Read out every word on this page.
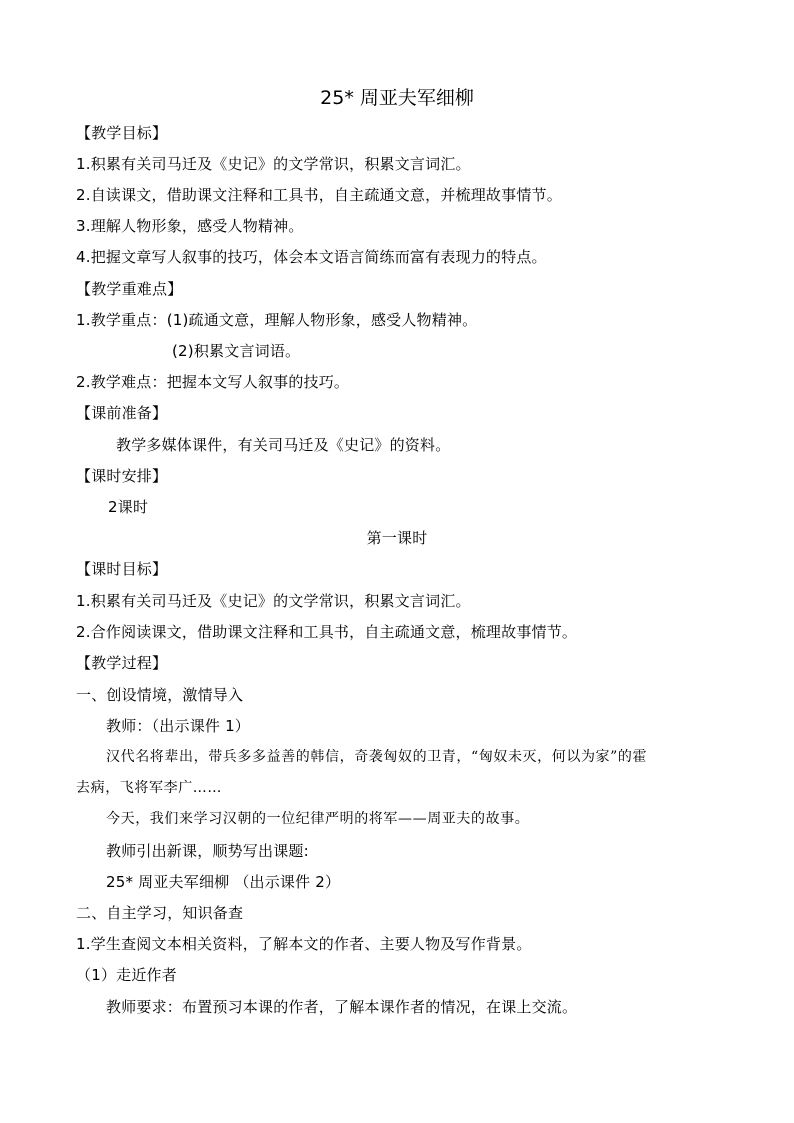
25* 周亚夫军细柳
【教学目标】
1.积累有关司马迁及《史记》的文学常识，积累文言词汇。
2.自读课文，借助课文注释和工具书，自主疏通文意，并梳理故事情节。
3.理解人物形象，感受人物精神。
4.把握文章写人叙事的技巧，体会本文语言简练而富有表现力的特点。
【教学重难点】
1.教学重点：(1)疏通文意，理解人物形象，感受人物精神。
(2)积累文言词语。
2.教学难点：把握本文写人叙事的技巧。
【课前准备】
教学多媒体课件，有关司马迁及《史记》的资料。
【课时安排】
2课时
第一课时
【课时目标】
1.积累有关司马迁及《史记》的文学常识，积累文言词汇。
2.合作阅读课文，借助课文注释和工具书，自主疏通文意，梳理故事情节。
【教学过程】
一、创设情境，激情导入
教师：（出示课件 1）
汉代名将辈出，带兵多多益善的韩信，奇袭匈奴的卫青，“匈奴未灭，何以为家”的霍
去病，飞将军李广……
今天，我们来学习汉朝的一位纪律严明的将军——周亚夫的故事。
教师引出新课，顺势写出课题:
25* 周亚夫军细柳 （出示课件 2）
二、自主学习，知识备查
1.学生查阅文本相关资料，了解本文的作者、主要人物及写作背景。
（1）走近作者
教师要求：布置预习本课的作者，了解本课作者的情况，在课上交流。
